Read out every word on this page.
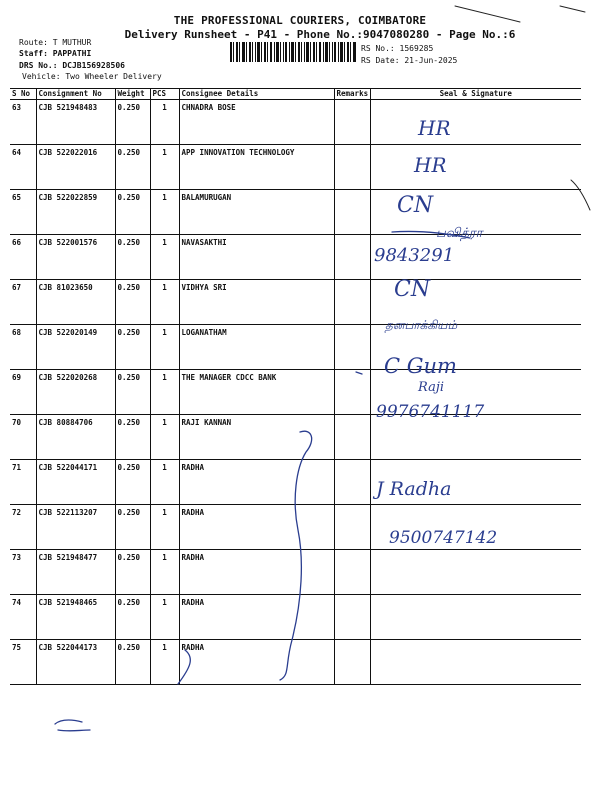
THE PROFESSIONAL COURIERS, COIMBATORE
Delivery Runsheet - P41 - Phone No.:9047080280 - Page No.:6
Route: T MUTHUR
Staff: PAPPATHI
DRS No.: DCJB156928506
Vehicle: Two Wheeler Delivery
RS No.: 1569285
RS Date: 21-Jun-2025
S No	Consignment No	Weight	PCS	Consignee Details	Remarks	Seal & Signature
63	CJB 521948483	0.250	1	CHNADRA BOSE		
64	CJB 522022016	0.250	1	APP INNOVATION TECHNOLOGY		
65	CJB 522022859	0.250	1	BALAMURUGAN		
66	CJB 522001576	0.250	1	NAVASAKTHI		
67	CJB 81023650	0.250	1	VIDHYA SRI		
68	CJB 522020149	0.250	1	LOGANATHAM		
69	CJB 522020268	0.250	1	THE MANAGER CDCC BANK		
70	CJB 80884706	0.250	1	RAJI KANNAN		
71	CJB 522044171	0.250	1	RADHA		
72	CJB 522113207	0.250	1	RADHA		
73	CJB 521948477	0.250	1	RADHA		
74	CJB 521948465	0.250	1	RADHA		
75	CJB 522044173	0.250	1	RADHA		
HR
HR
CN
பவித்ரா
9843291
CN
தனபாக்கியம்
C Gum
Raji
9976741117
J Radha
9500747142
